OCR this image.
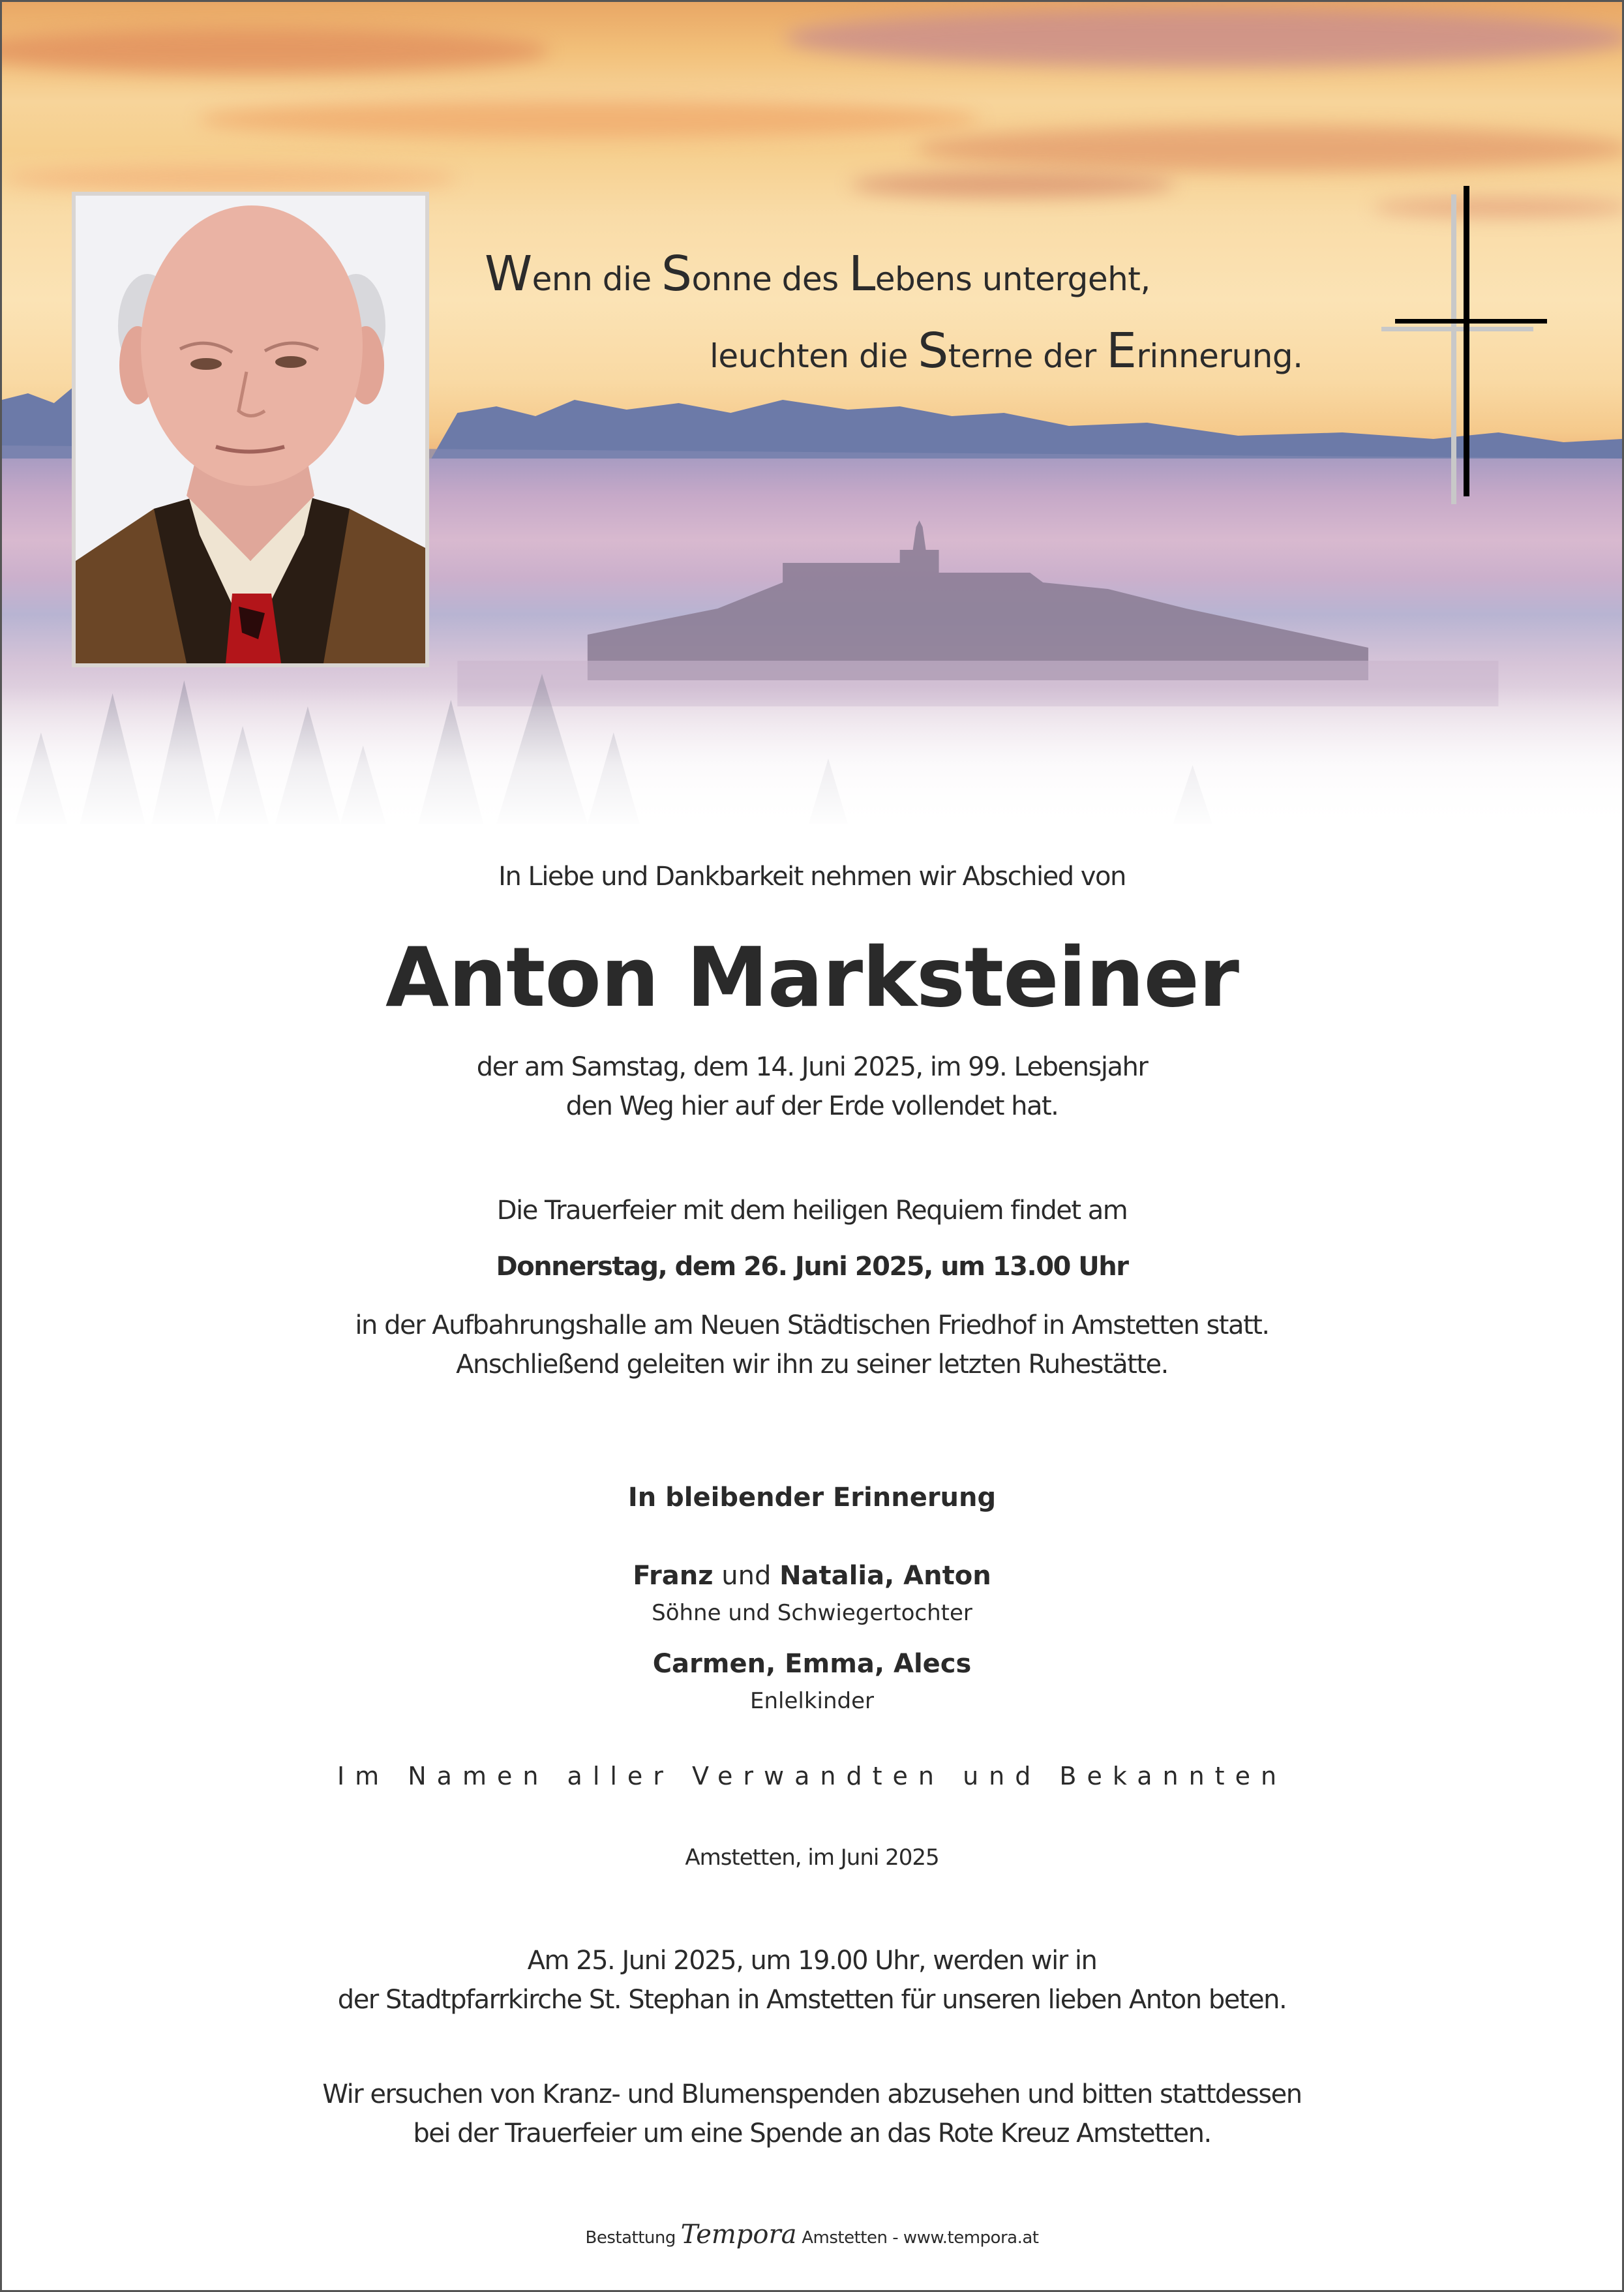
Wenn die Sonne des Lebens untergeht,
leuchten die Sterne der Erinnerung.
In Liebe und Dankbarkeit nehmen wir Abschied von
Anton Marksteiner
der am Samstag, dem 14. Juni 2025, im 99. Lebensjahr
den Weg hier auf der Erde vollendet hat.
Die Trauerfeier mit dem heiligen Requiem findet am
Donnerstag, dem 26. Juni 2025, um 13.00 Uhr
in der Aufbahrungshalle am Neuen Städtischen Friedhof in Amstetten statt.
Anschließend geleiten wir ihn zu seiner letzten Ruhestätte.
In bleibender Erinnerung
Franz und Natalia, Anton
Söhne und Schwiegertochter
Carmen, Emma, Alecs
Enlelkinder
Im Namen aller Verwandten und Bekannten
Amstetten, im Juni 2025
Am 25. Juni 2025, um 19.00 Uhr, werden wir in
der Stadtpfarrkirche St. Stephan in Amstetten für unseren lieben Anton beten.
Wir ersuchen von Kranz- und Blumenspenden abzusehen und bitten stattdessen
bei der Trauerfeier um eine Spende an das Rote Kreuz Amstetten.
Bestattung Tempora Amstetten - www.tempora.at
